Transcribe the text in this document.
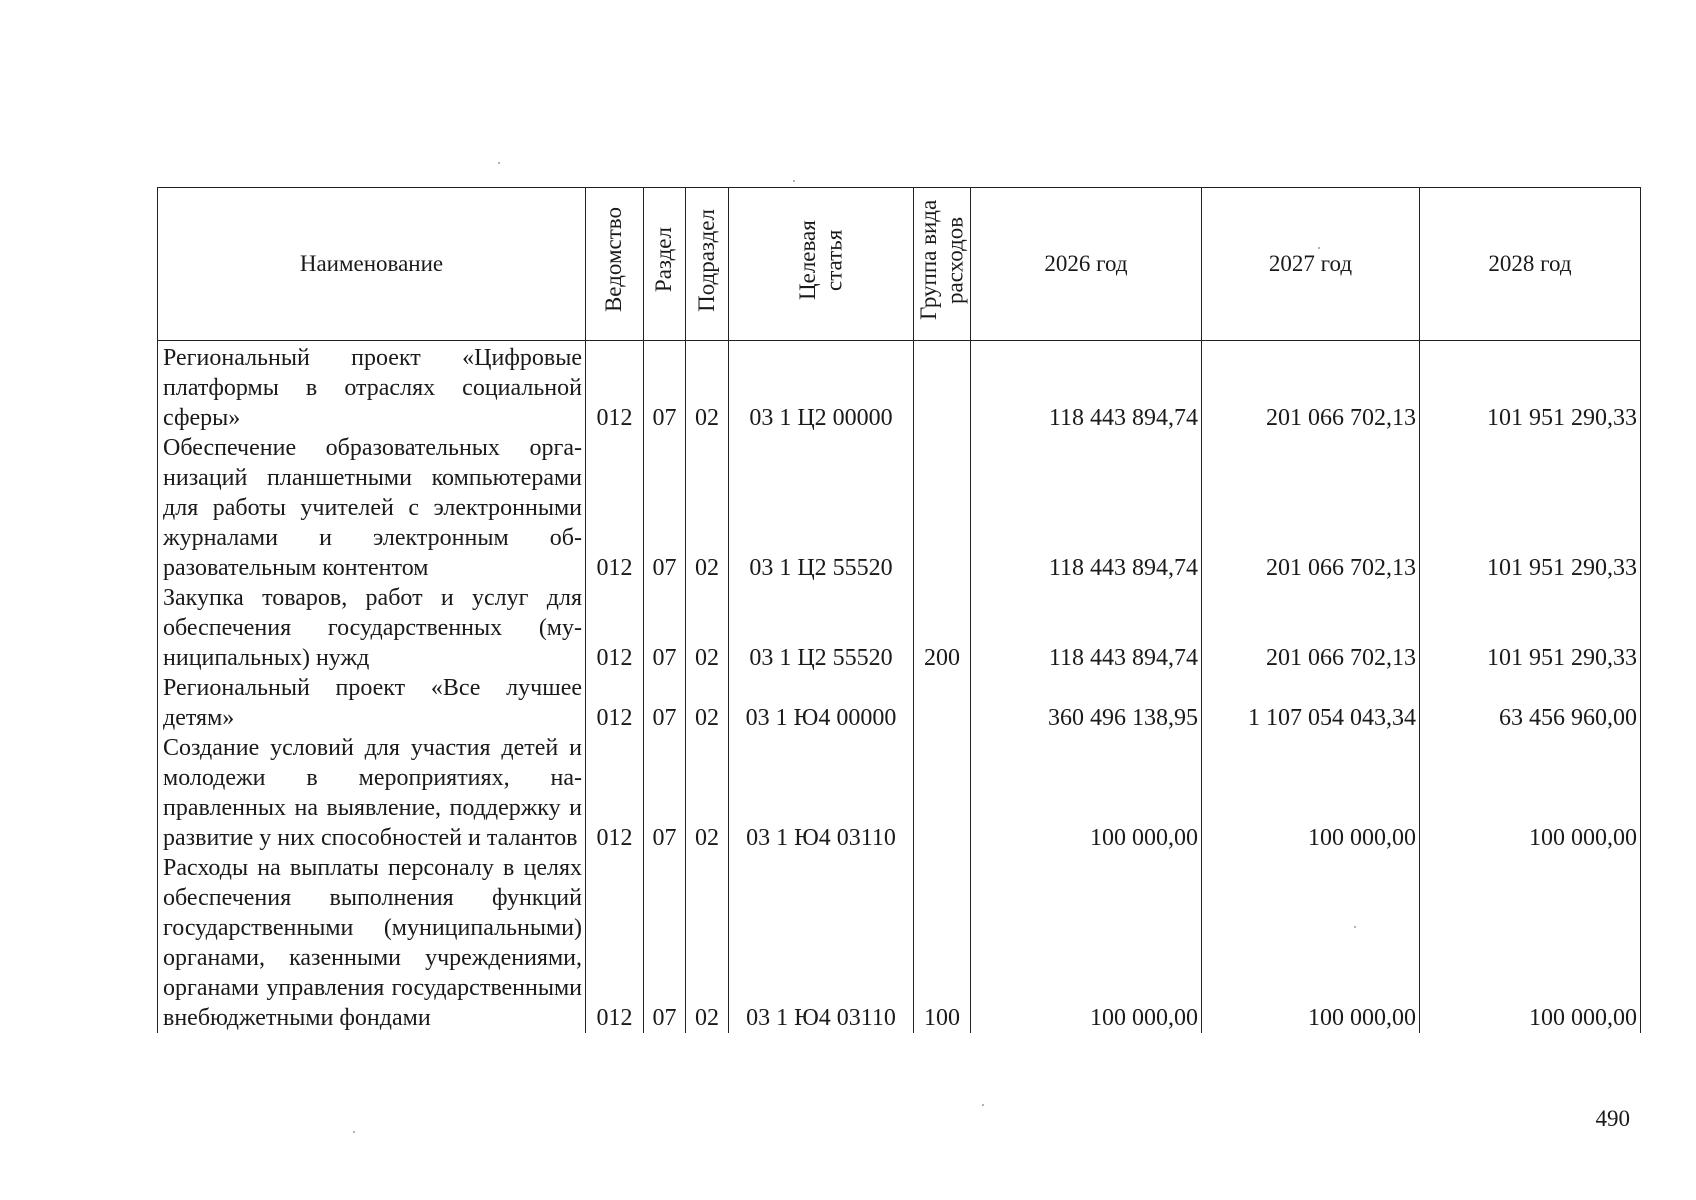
Наименование	Ведомство	Раздел	Подраздел	Целевая статья	Группа вида расходов	2026 год	2027 год	2028 год
Региональный проект «Цифровые платформы в отраслях социальной сферы»	012	07	02	03 1 Ц2 00000		118 443 894,74	201 066 702,13	101 951 290,33
Обеспечение образовательных организаций планшетными компьютерами для работы учителей с электронными журналами и электронным образовательным контентом	012	07	02	03 1 Ц2 55520		118 443 894,74	201 066 702,13	101 951 290,33
Закупка товаров, работ и услуг для обеспечения государственных (муниципальных) нужд	012	07	02	03 1 Ц2 55520	200	118 443 894,74	201 066 702,13	101 951 290,33
Региональный проект «Все лучшее детям»	012	07	02	03 1 Ю4 00000		360 496 138,95	1 107 054 043,34	63 456 960,00
Создание условий для участия детей и молодежи в мероприятиях, направленных на выявление, поддержку и развитие у них способностей и талантов	012	07	02	03 1 Ю4 03110		100 000,00	100 000,00	100 000,00
Расходы на выплаты персоналу в целях обеспечения выполнения функций государственными (муниципальными) органами, казенными учреждениями, органами управления государственными внебюджетными фондами	012	07	02	03 1 Ю4 03110	100	100 000,00	100 000,00	100 000,00
490
